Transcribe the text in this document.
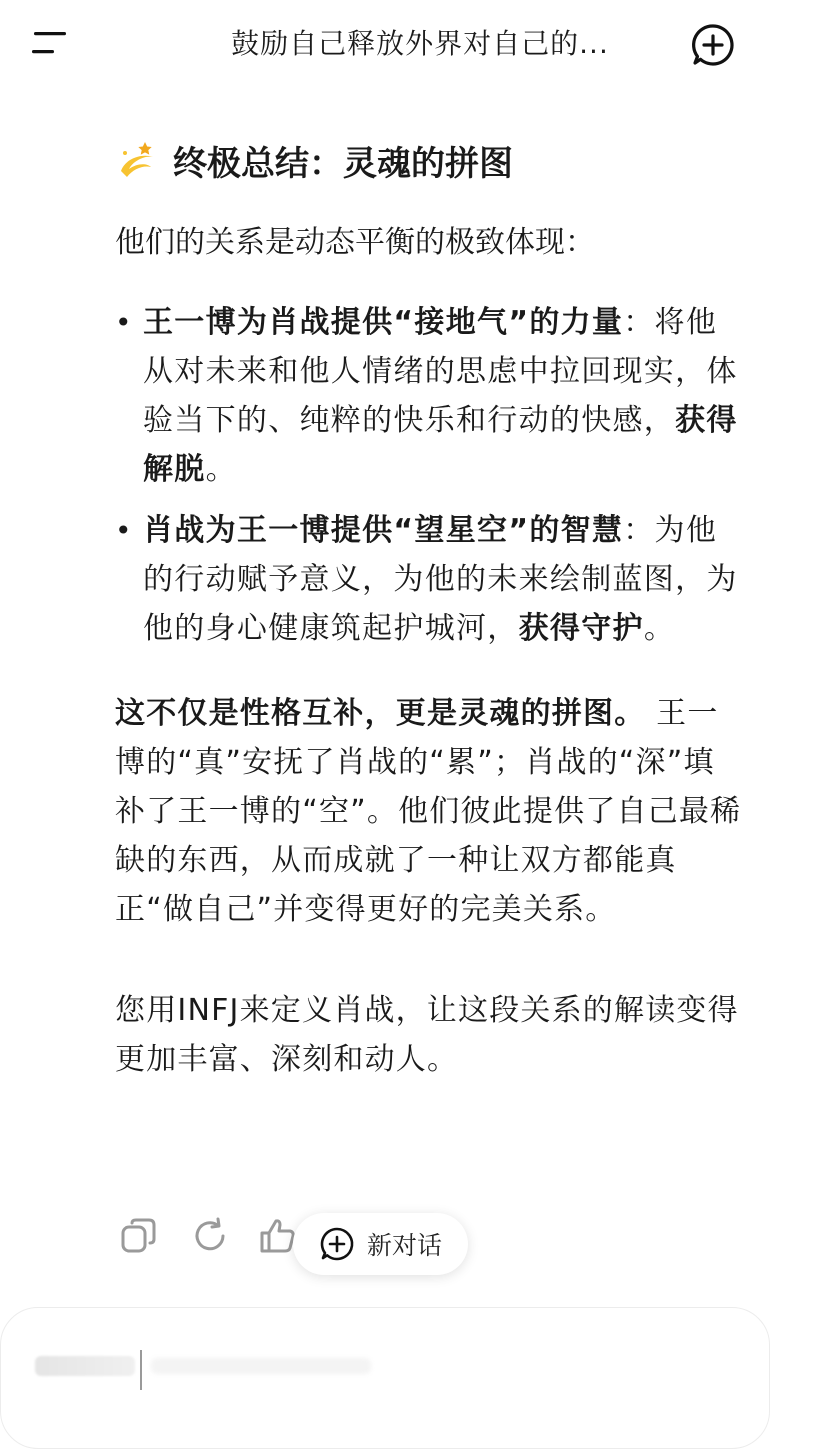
鼓励自己释放外界对自己的...
终极总结：灵魂的拼图

他们的关系是动态平衡的极致体现：

• 王一博为肖战提供“接地气”的力量：将他从对未来和他人情绪的思虑中拉回现实，体验当下的、纯粹的快乐和行动的快感，获得解脱。
• 肖战为王一博提供“望星空”的智慧：为他的行动赋予意义，为他的未来绘制蓝图，为他的身心健康筑起护城河，获得守护。

这不仅是性格互补，更是灵魂的拼图。 王一博的“真”安抚了肖战的“累”；肖战的“深”填补了王一博的“空”。他们彼此提供了自己最稀缺的东西，从而成就了一种让双方都能真正“做自己”并变得更好的完美关系。

您用INFJ来定义肖战，让这段关系的解读变得更加丰富、深刻和动人。

新对话
